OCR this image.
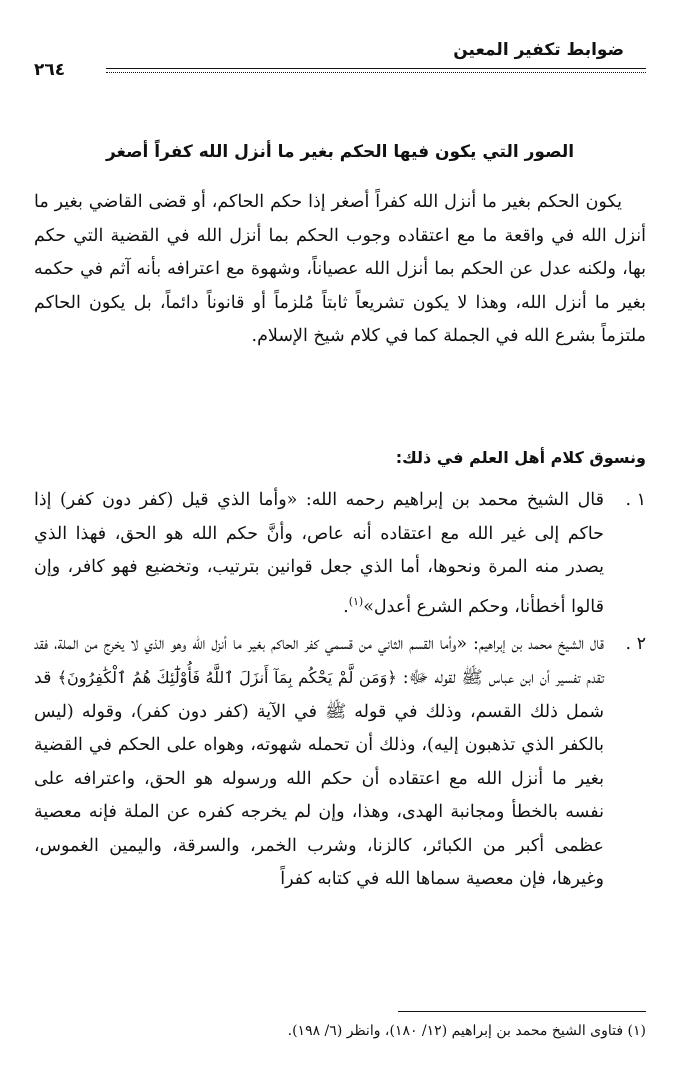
ضوابط تكفير المعين
٢٦٤
الصور التي يكون فيها الحكم بغير ما أنزل الله كفراً أصغر

يكون الحكم بغير ما أنزل الله كفراً أصغر إذا حكم الحاكم، أو قضى القاضي بغير ما أنزل الله في واقعة ما مع اعتقاده وجوب الحكم بما أنزل الله في القضية التي حكم بها، ولكنه عدل عن الحكم بما أنزل الله عصياناً، وشهوة مع اعترافه بأنه آثم في حكمه بغير ما أنزل الله، وهذا لا يكون تشريعاً ثابتاً مُلزماً أو قانوناً دائماً، بل يكون الحاكم ملتزماً بشرع الله في الجملة كما في كلام شيخ الإسلام.

ونسوق كلام أهل العلم في ذلك:
١ .

قال الشيخ محمد بن إبراهيم رحمه الله: «وأما الذي قيل (كفر دون كفر) إذا حاكم إلى غير الله مع اعتقاده أنه عاص، وأنَّ حكم الله هو الحق، فهذا الذي يصدر منه المرة ونحوها، أما الذي جعل قوانين بترتيب، وتخضيع فهو كافر، وإن قالوا أخطأنا، وحكم الشرع أعدل»$^{(١)}$.

٢ .

قال الشيخ محمد بن إبراهيم: «وأما القسم الثاني من قسمي كفر الحاكم بغير ما أنزل الله وهو الذي لا يخرج من الملة، فقد تقدم تفسير أن ابن عباس ﷺ لقوله ﷻ: ﴿وَمَن لَّمْ يَحْكُم بِمَآ أَنزَلَ ٱللَّهُ فَأُوْلَٰٓئِكَ هُمُ ٱلْكَٰفِرُونَ﴾ قد شمل ذلك القسم، وذلك في قوله ﷺ في الآية (كفر دون كفر)، وقوله (ليس بالكفر الذي تذهبون إليه)، وذلك أن تحمله شهوته، وهواه على الحكم في القضية بغير ما أنزل الله مع اعتقاده أن حكم الله ورسوله هو الحق، واعترافه على نفسه بالخطأ ومجانبة الهدى، وهذا، وإن لم يخرجه كفره عن الملة فإنه معصية عظمى أكبر من الكبائر، كالزنا، وشرب الخمر، والسرقة، واليمين الغموس، وغيرها، فإن معصية سماها الله في كتابه كفراً

(١) فتاوى الشيخ محمد بن إبراهيم (١٢/ ١٨٠)، وانظر (٦/ ١٩٨).
